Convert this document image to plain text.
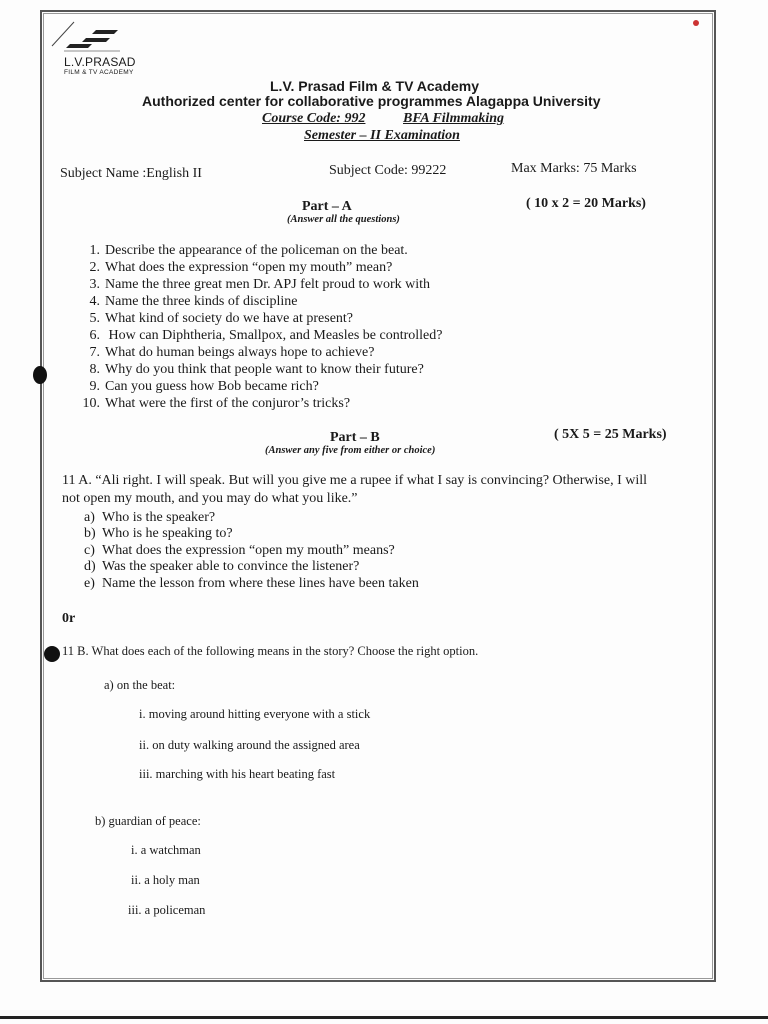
L.V.PRASAD
FILM & TV ACADEMY
L.V. Prasad Film & TV Academy
Authorized center for collaborative programmes Alagappa University
Course Code: 992	BFA Filmmaking
Semester – II Examination
Subject Name :English II	Subject Code: 99222	Max Marks: 75 Marks
Part – A	( 10 x 2 = 20 Marks)
(Answer all the questions)
1. Describe the appearance of the policeman on the beat.
2. What does the expression “open my mouth” mean?
3. Name the three great men Dr. APJ felt proud to work with
4. Name the three kinds of discipline
5. What kind of society do we have at present?
6. How can Diphtheria, Smallpox, and Measles be controlled?
7. What do human beings always hope to achieve?
8. Why do you think that people want to know their future?
9. Can you guess how Bob became rich?
10. What were the first of the conjuror’s tricks?
Part – B	( 5X 5 = 25 Marks)
(Answer any five from either or choice)
11 A. “Ali right. I will speak. But will you give me a rupee if what I say is convincing? Otherwise, I will
not open my mouth, and you may do what you like.”
a) Who is the speaker?
b) Who is he speaking to?
c) What does the expression “open my mouth” means?
d) Was the speaker able to convince the listener?
e) Name the lesson from where these lines have been taken
0r
11 B. What does each of the following means in the story? Choose the right option.
a) on the beat:
i. moving around hitting everyone with a stick
ii. on duty walking around the assigned area
iii. marching with his heart beating fast
b) guardian of peace:
i. a watchman
ii. a holy man
iii. a policeman
